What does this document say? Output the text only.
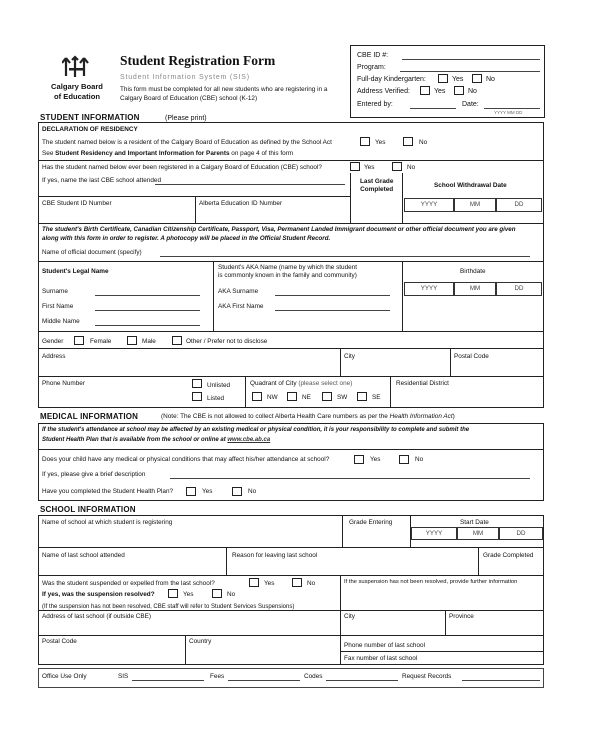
Calgary Board
of Education
Student Registration Form
Student Information System (SIS)
This form must be completed for all new students who are registering in a
Calgary Board of Education (CBE) school (K-12)
CBE ID #:
Program:
Full-day Kindergarten:	Yes	No
Address Verified:	Yes	No
Entered by:	Date:
YYYY MM DD
STUDENT INFORMATION	(Please print)
DECLARATION OF RESIDENCY
The student named below is a resident of the Calgary Board of Education as defined by the School Act	Yes	No
See Student Residency and Important Information for Parents on page 4 of this form
Has the student named below ever been registered in a Calgary Board of Education (CBE) school?	Yes	No
If yes, name the last CBE school attended	Last Grade
Completed
School Withdrawal Date
YYYY	MM	DD
CBE Student ID Number	Alberta Education ID Number
The student's Birth Certificate, Canadian Citizenship Certificate, Passport, Visa, Permanent Landed Immigrant document or other official document you are given along with this form in order to register. A photocopy will be placed in the Official Student Record.
Name of official document (specify)
Student's Legal Name
Surname
First Name
Middle Name
Student's AKA Name (name by which the student
is commonly known in the family and community)
AKA Surname
AKA First Name
Birthdate
YYYY	MM	DD
Gender	Female	Male	Other / Prefer not to disclose
Address	City	Postal Code
Phone Number	Unlisted
Listed
Quadrant of City (please select one)
NW	NE	SW	SE
Residential District
MEDICAL INFORMATION	(Note: The CBE is not allowed to collect Alberta Health Care numbers as per the Health Information Act)
If the student's attendance at school may be affected by an existing medical or physical condition, it is your responsibility to complete and submit the
Student Health Plan that is available from the school or online at www.cbe.ab.ca
Does your child have any medical or physical conditions that may affect his/her attendance at school?	Yes	No
If yes, please give a brief description
Have you completed the Student Health Plan?	Yes	No
SCHOOL INFORMATION
Name of school at which student is registering	Grade Entering	Start Date
YYYY	MM	DD
Name of last school attended	Reason for leaving last school	Grade Completed
Was the student suspended or expelled from the last school?	Yes	No
If yes, was the suspension resolved?	Yes	No
(If the suspension has not been resolved, CBE staff will refer to Student Services Suspensions)
If the suspension has not been resolved, provide further information
Address of last school (if outside CBE)	City	Province
Postal Code	Country
Phone number of last school
Fax number of last school
Office Use Only	SIS	Fees	Codes	Request Records
